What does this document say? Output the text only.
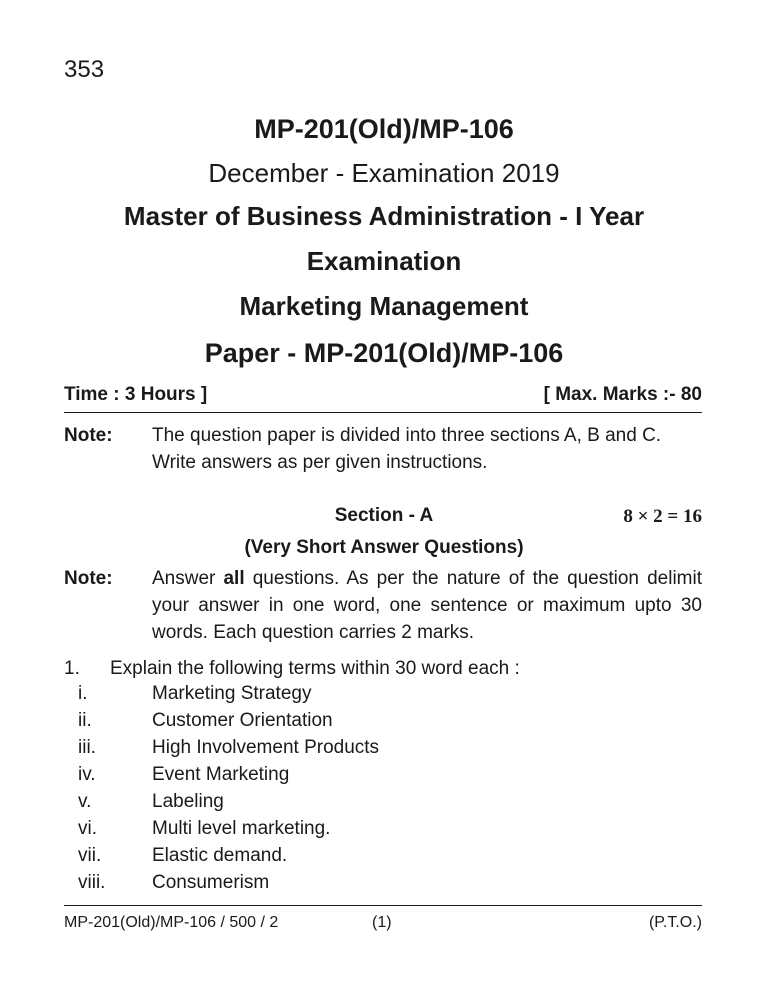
353
MP-201(Old)/MP-106
December - Examination 2019
Master of Business Administration - I Year
Examination
Marketing Management
Paper - MP-201(Old)/MP-106
Time : 3 Hours ]	[ Max. Marks :- 80
Note: The question paper is divided into three sections A, B and C. Write answers as per given instructions.
Section - A	8 × 2 = 16
(Very Short Answer Questions)
Note: Answer all questions. As per the nature of the question delimit your answer in one word, one sentence or maximum upto 30 words. Each question carries 2 marks.
1. Explain the following terms within 30 word each :
i.	Marketing Strategy
ii.	Customer Orientation
iii.	High Involvement Products
iv.	Event Marketing
v.	Labeling
vi.	Multi level marketing.
vii.	Elastic demand.
viii. Consumerism
MP-201(Old)/MP-106 / 500 / 2	(1)	(P.T.O.)
